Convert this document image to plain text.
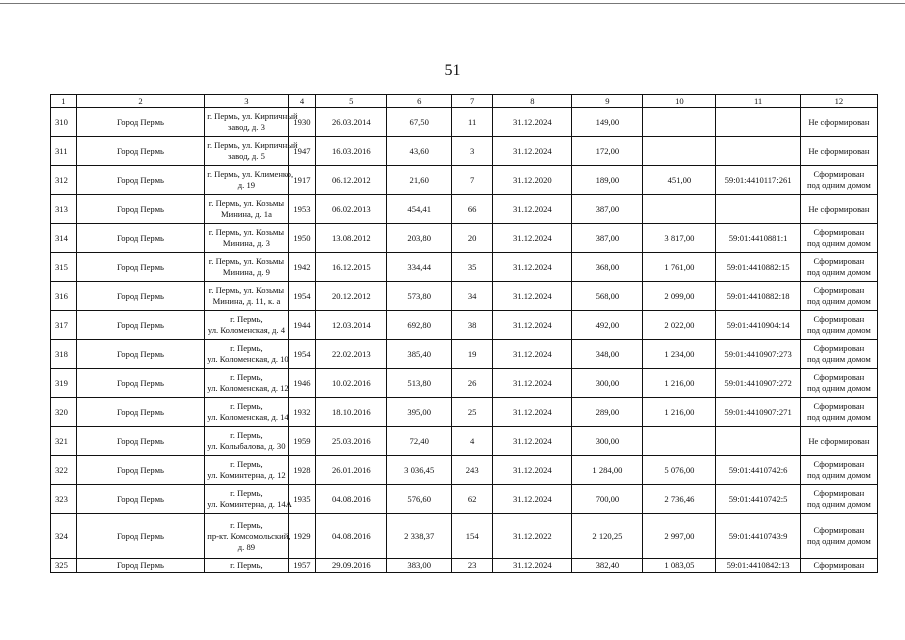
51
1	2	3	4	5	6	7	8	9	10	11	12
310	Город Пермь	г. Пермь, ул. Кирпичный
завод, д. 3	1930	26.03.2014	67,50	11	31.12.2024	149,00			Не сформирован

311	Город Пермь	г. Пермь, ул. Кирпичный
завод, д. 5	1947	16.03.2016	43,60	3	31.12.2024	172,00			Не сформирован

312	Город Пермь	г. Пермь, ул. Клименко,
д. 19	1917	06.12.2012	21,60	7	31.12.2020	189,00	451,00	59:01:4410117:261	Сформирован
под одним домом

313	Город Пермь	г. Пермь, ул. Козьмы
Минина, д. 1а	1953	06.02.2013	454,41	66	31.12.2024	387,00			Не сформирован

314	Город Пермь	г. Пермь, ул. Козьмы
Минина, д. 3	1950	13.08.2012	203,80	20	31.12.2024	387,00	3 817,00	59:01:4410881:1	Сформирован
под одним домом

315	Город Пермь	г. Пермь, ул. Козьмы
Минина, д. 9	1942	16.12.2015	334,44	35	31.12.2024	368,00	1 761,00	59:01:4410882:15	Сформирован
под одним домом

316	Город Пермь	г. Пермь, ул. Козьмы
Минина, д. 11, к. а	1954	20.12.2012	573,80	34	31.12.2024	568,00	2 099,00	59:01:4410882:18	Сформирован
под одним домом

317	Город Пермь	г. Пермь,
ул. Коломенская, д. 4	1944	12.03.2014	692,80	38	31.12.2024	492,00	2 022,00	59:01:4410904:14	Сформирован
под одним домом

318	Город Пермь	г. Пермь,
ул. Коломенская, д. 10	1954	22.02.2013	385,40	19	31.12.2024	348,00	1 234,00	59:01:4410907:273	Сформирован
под одним домом

319	Город Пермь	г. Пермь,
ул. Коломенская, д. 12	1946	10.02.2016	513,80	26	31.12.2024	300,00	1 216,00	59:01:4410907:272	Сформирован
под одним домом

320	Город Пермь	г. Пермь,
ул. Коломенская, д. 14	1932	18.10.2016	395,00	25	31.12.2024	289,00	1 216,00	59:01:4410907:271	Сформирован
под одним домом

321	Город Пермь	г. Пермь,
ул. Колыбалова, д. 30	1959	25.03.2016	72,40	4	31.12.2024	300,00			Не сформирован

322	Город Пермь	г. Пермь,
ул. Коминтерна, д. 12	1928	26.01.2016	3 036,45	243	31.12.2024	1 284,00	5 076,00	59:01:4410742:6	Сформирован
под одним домом

323	Город Пермь	г. Пермь,
ул. Коминтерна, д. 14А	1935	04.08.2016	576,60	62	31.12.2024	700,00	2 736,46	59:01:4410742:5	Сформирован
под одним домом

324	Город Пермь	г. Пермь,
пр-кт. Комсомольский,
д. 89	1929	04.08.2016	2 338,37	154	31.12.2022	2 120,25	2 997,00	59:01:4410743:9	Сформирован
под одним домом

325	Город Пермь	г. Пермь,	1957	29.09.2016	383,00	23	31.12.2024	382,40	1 083,05	59:01:4410842:13	Сформирован
